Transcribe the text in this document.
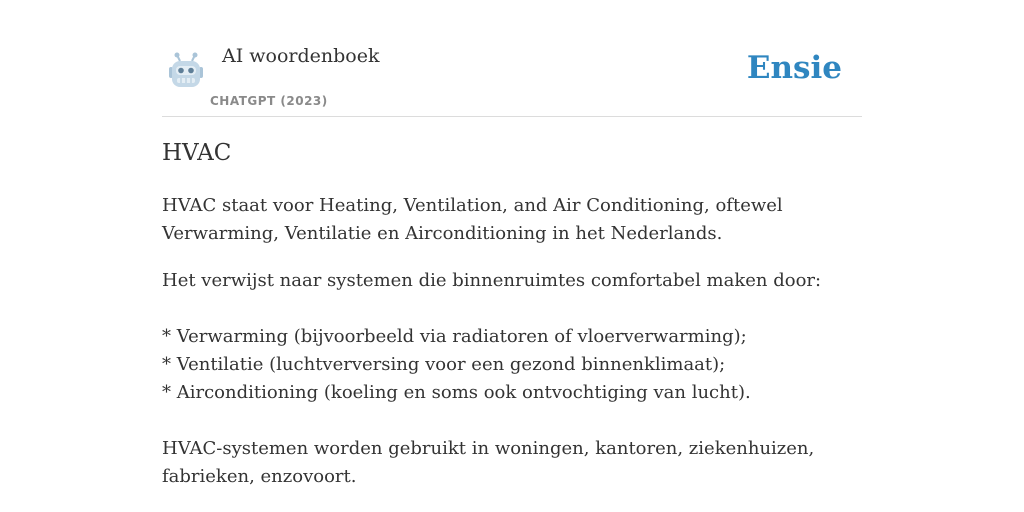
AI woordenboek
CHATGPT (2023)
Ensie
HVAC

HVAC staat voor Heating, Ventilation, and Air Conditioning, oftewel Verwarming, Ventilatie en Airconditioning in het Nederlands.

Het verwijst naar systemen die binnenruimtes comfortabel maken door:

* Verwarming (bijvoorbeeld via radiatoren of vloerverwarming);
* Ventilatie (luchtverversing voor een gezond binnenklimaat);
* Airconditioning (koeling en soms ook ontvochtiging van lucht).

HVAC-systemen worden gebruikt in woningen, kantoren, ziekenhuizen, fabrieken, enzovoort.
